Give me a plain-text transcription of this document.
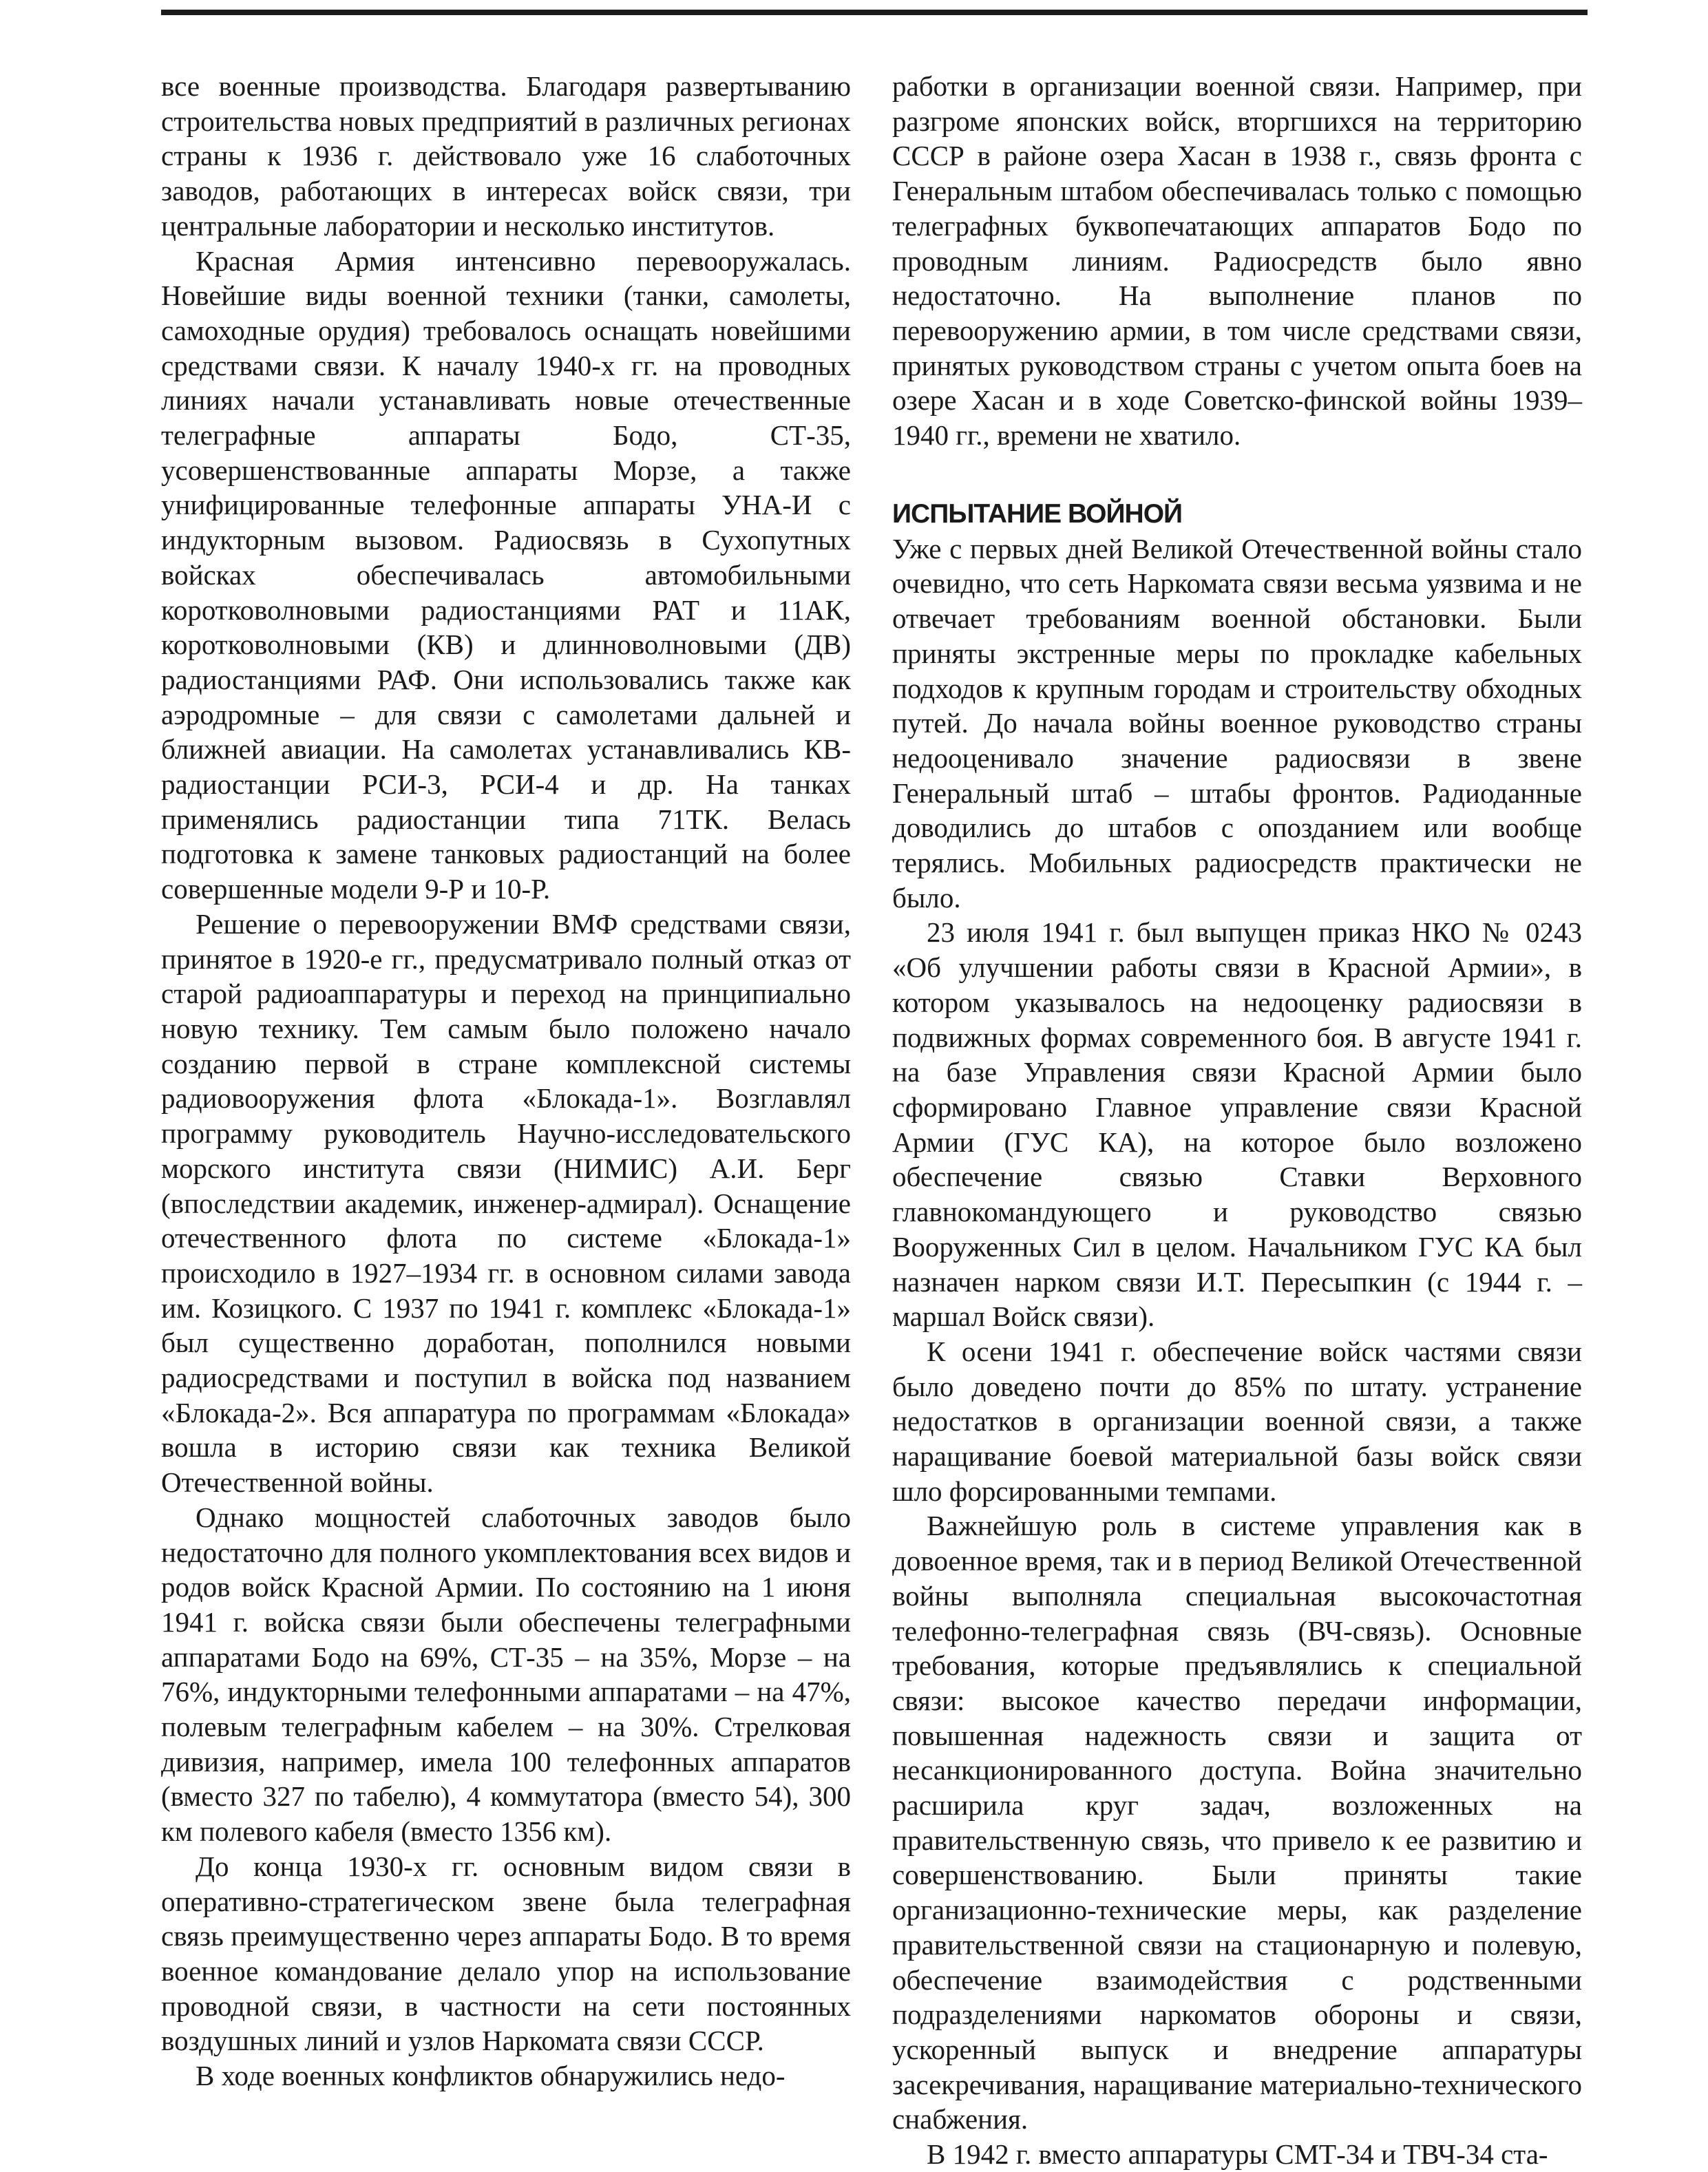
все военные производства. Благодаря развертыванию строительства новых предприятий в различных регионах страны к 1936 г. действовало уже 16 слаботочных заводов, работающих в интересах войск связи, три центральные лаборатории и несколько институтов.

Красная Армия интенсивно перевооружалась. Новейшие виды военной техники (танки, самолеты, самоходные орудия) требовалось оснащать новейшими средствами связи. К началу 1940-х гг. на проводных линиях начали устанавливать новые отечественные телеграфные аппараты Бодо, СТ-35, усовершенствованные аппараты Морзе, а также унифицированные телефонные аппараты УНА-И с индукторным вызовом. Радиосвязь в Сухопутных войсках обеспечивалась автомобильными коротковолновыми радиостанциями РАТ и 11АК, коротковолновыми (КВ) и длинноволновыми (ДВ) радиостанциями РАФ. Они использовались также как аэродромные – для связи с самолетами дальней и ближней авиации. На самолетах устанавливались КВ-радиостанции РСИ-3, РСИ-4 и др. На танках применялись радиостанции типа 71ТК. Велась подготовка к замене танковых радиостанций на более совершенные модели 9-Р и 10-Р.

Решение о перевооружении ВМФ средствами связи, принятое в 1920-е гг., предусматривало полный отказ от старой радиоаппаратуры и переход на принципиально новую технику. Тем самым было положено начало созданию первой в стране комплексной системы радиовооружения флота «Блокада-1». Возглавлял программу руководитель Научно-исследовательского морского института связи (НИМИС) А.И. Берг (впоследствии академик, инженер-адмирал). Оснащение отечественного флота по системе «Блокада-1» происходило в 1927–1934 гг. в основном силами завода им. Козицкого. С 1937 по 1941 г. комплекс «Блокада-1» был существенно доработан, пополнился новыми радиосредствами и поступил в войска под названием «Блокада-2». Вся аппаратура по программам «Блокада» вошла в историю связи как техника Великой Отечественной войны.

Однако мощностей слаботочных заводов было недостаточно для полного укомплектования всех видов и родов войск Красной Армии. По состоянию на 1 июня 1941 г. войска связи были обеспечены телеграфными аппаратами Бодо на 69%, СТ-35 – на 35%, Морзе – на 76%, индукторными телефонными аппаратами – на 47%, полевым телеграфным кабелем – на 30%. Стрелковая дивизия, например, имела 100 телефонных аппаратов (вместо 327 по табелю), 4 коммутатора (вместо 54), 300 км полевого кабеля (вместо 1356 км).

До конца 1930-х гг. основным видом связи в оперативно-стратегическом звене была телеграфная связь преимущественно через аппараты Бодо. В то время военное командование делало упор на использование проводной связи, в частности на сети постоянных воздушных линий и узлов Наркомата связи СССР.

В ходе военных конфликтов обнаружились недо-

работки в организации военной связи. Например, при разгроме японских войск, вторгшихся на территорию СССР в районе озера Хасан в 1938 г., связь фронта с Генеральным штабом обеспечивалась только с помощью телеграфных буквопечатающих аппаратов Бодо по проводным линиям. Радиосредств было явно недостаточно. На выполнение планов по перевооружению армии, в том числе средствами связи, принятых руководством страны с учетом опыта боев на озере Хасан и в ходе Советско-финской войны 1939–1940 гг., времени не хватило.

ИСПЫТАНИЕ ВОЙНОЙ

Уже с первых дней Великой Отечественной войны стало очевидно, что сеть Наркомата связи весьма уязвима и не отвечает требованиям военной обстановки. Были приняты экстренные меры по прокладке кабельных подходов к крупным городам и строительству обходных путей. До начала войны военное руководство страны недооценивало значение радиосвязи в звене Генеральный штаб – штабы фронтов. Радиоданные доводились до штабов с опозданием или вообще терялись. Мобильных радиосредств практически не было.

23 июля 1941 г. был выпущен приказ НКО № 0243 «Об улучшении работы связи в Красной Армии», в котором указывалось на недооценку радиосвязи в подвижных формах современного боя. В августе 1941 г. на базе Управления связи Красной Армии было сформировано Главное управление связи Красной Армии (ГУС КА), на которое было возложено обеспечение связью Ставки Верховного главнокомандующего и руководство связью Вооруженных Сил в целом. Начальником ГУС КА был назначен нарком связи И.Т. Пересыпкин (с 1944 г. – маршал Войск связи).

К осени 1941 г. обеспечение войск частями связи было доведено почти до 85% по штату. устранение недостатков в организации военной связи, а также наращивание боевой материальной базы войск связи шло форсированными темпами.

Важнейшую роль в системе управления как в довоенное время, так и в период Великой Отечественной войны выполняла специальная высокочастотная телефонно-телеграфная связь (ВЧ-связь). Основные требования, которые предъявлялись к специальной связи: высокое качество передачи информации, повышенная надежность связи и защита от несанкционированного доступа. Война значительно расширила круг задач, возложенных на правительственную связь, что привело к ее развитию и совершенствованию. Были приняты такие организационно-технические меры, как разделение правительственной связи на стационарную и полевую, обеспечение взаимодействия с родственными подразделениями наркоматов обороны и связи, ускоренный выпуск и внедрение аппаратуры засекречивания, наращивание материально-технического снабжения.

В 1942 г. вместо аппаратуры СМТ-34 и ТВЧ-34 ста-
